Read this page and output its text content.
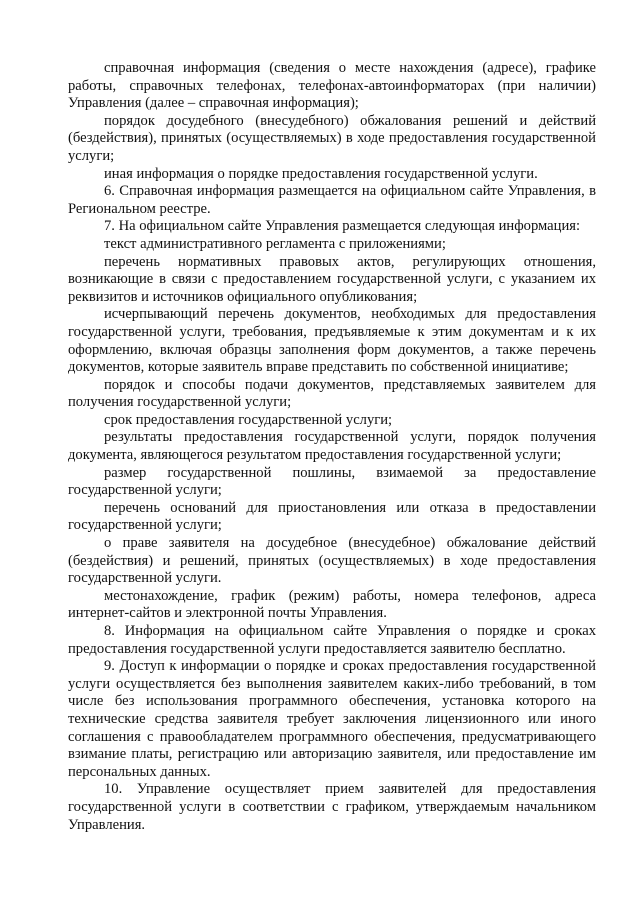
справочная информация (сведения о месте нахождения (адресе), графике работы, справочных телефонах, телефонах-автоинформаторах (при наличии) Управления (далее – справочная информация);

порядок досудебного (внесудебного) обжалования решений и действий (бездействия), принятых (осуществляемых) в ходе предоставления государственной услуги;

иная информация о порядке предоставления государственной услуги.

6. Справочная информация размещается на официальном сайте Управления, в Региональном реестре.

7. На официальном сайте Управления размещается следующая информация:

текст административного регламента с приложениями;

перечень нормативных правовых актов, регулирующих отношения, возникающие в связи с предоставлением государственной услуги, с указанием их реквизитов и источников официального опубликования;

исчерпывающий перечень документов, необходимых для предоставления государственной услуги, требования, предъявляемые к этим документам и к их оформлению, включая образцы заполнения форм документов, а также перечень документов, которые заявитель вправе представить по собственной инициативе;

порядок и способы подачи документов, представляемых заявителем для получения государственной услуги;

срок предоставления государственной услуги;

результаты предоставления государственной услуги, порядок получения документа, являющегося результатом предоставления государственной услуги;

размер государственной пошлины, взимаемой за предоставление государственной услуги;

перечень оснований для приостановления или отказа в предоставлении государственной услуги;

о праве заявителя на досудебное (внесудебное) обжалование действий (бездействия) и решений, принятых (осуществляемых) в ходе предоставления государственной услуги.

местонахождение, график (режим) работы, номера телефонов, адреса интернет-сайтов и электронной почты Управления.

8. Информация на официальном сайте Управления о порядке и сроках предоставления государственной услуги предоставляется заявителю бесплатно.

9. Доступ к информации о порядке и сроках предоставления государственной услуги осуществляется без выполнения заявителем каких-либо требований, в том числе без использования программного обеспечения, установка которого на технические средства заявителя требует заключения лицензионного или иного соглашения с правообладателем программного обеспечения, предусматривающего взимание платы, регистрацию или авторизацию заявителя, или предоставление им персональных данных.

10. Управление осуществляет прием заявителей для предоставления государственной услуги в соответствии с графиком, утверждаемым начальником Управления.
